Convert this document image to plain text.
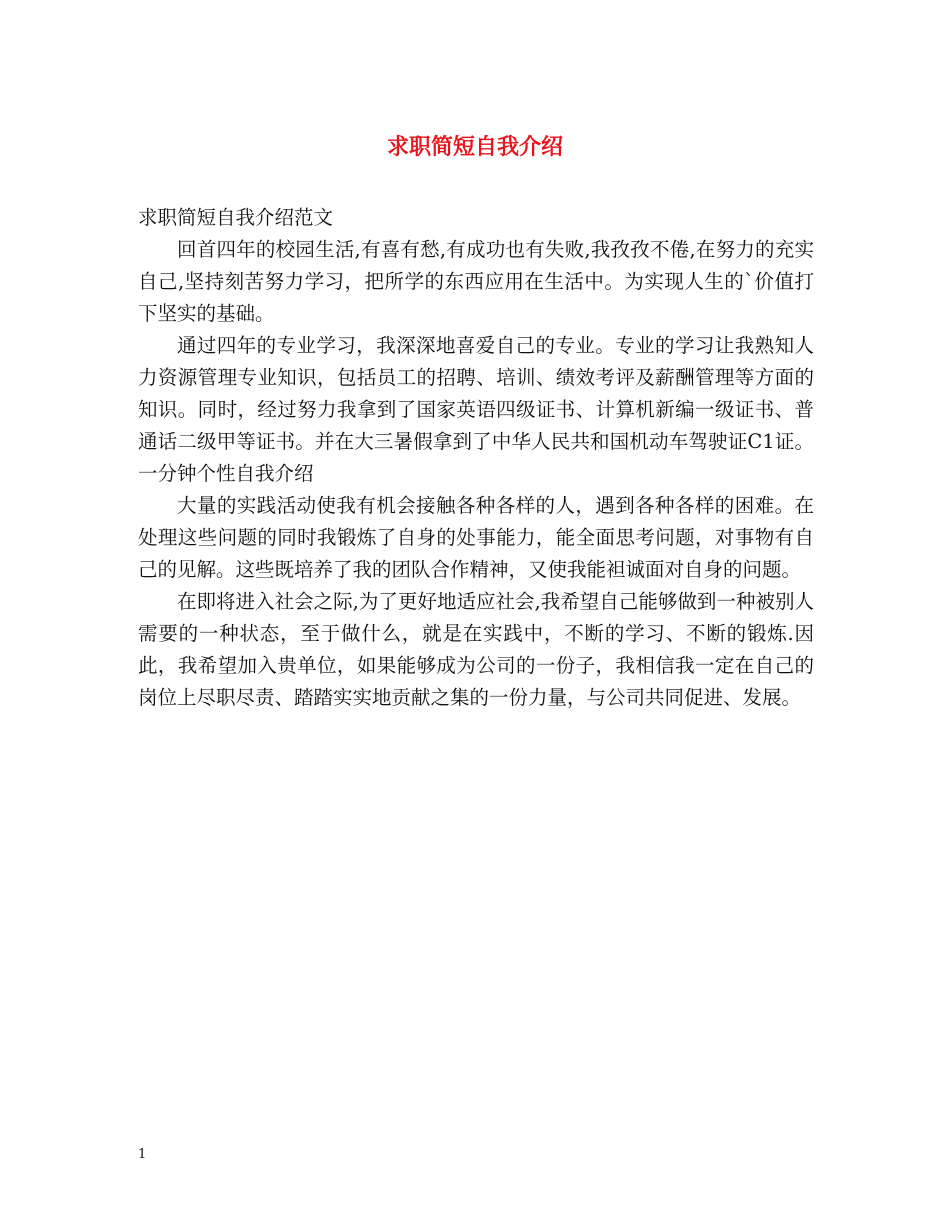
求职简短自我介绍

求职简短自我介绍范文

回首四年的校园生活,有喜有愁,有成功也有失败,我孜孜不倦,在努力的充实自己,坚持刻苦努力学习，把所学的东西应用在生活中。为实现人生的`价值打下坚实的基础。

通过四年的专业学习，我深深地喜爱自己的专业。专业的学习让我熟知人力资源管理专业知识，包括员工的招聘、培训、绩效考评及薪酬管理等方面的知识。同时，经过努力我拿到了国家英语四级证书、计算机新编一级证书、普通话二级甲等证书。并在大三暑假拿到了中华人民共和国机动车驾驶证C1证。一分钟个性自我介绍

大量的实践活动使我有机会接触各种各样的人，遇到各种各样的困难。在处理这些问题的同时我锻炼了自身的处事能力，能全面思考问题，对事物有自己的见解。这些既培养了我的团队合作精神，又使我能袒诚面对自身的问题。

在即将进入社会之际,为了更好地适应社会,我希望自己能够做到一种被别人需要的一种状态，至于做什么，就是在实践中，不断的学习、不断的锻炼.因此，我希望加入贵单位，如果能够成为公司的一份子，我相信我一定在自己的岗位上尽职尽责、踏踏实实地贡献之集的一份力量，与公司共同促进、发展。

1
